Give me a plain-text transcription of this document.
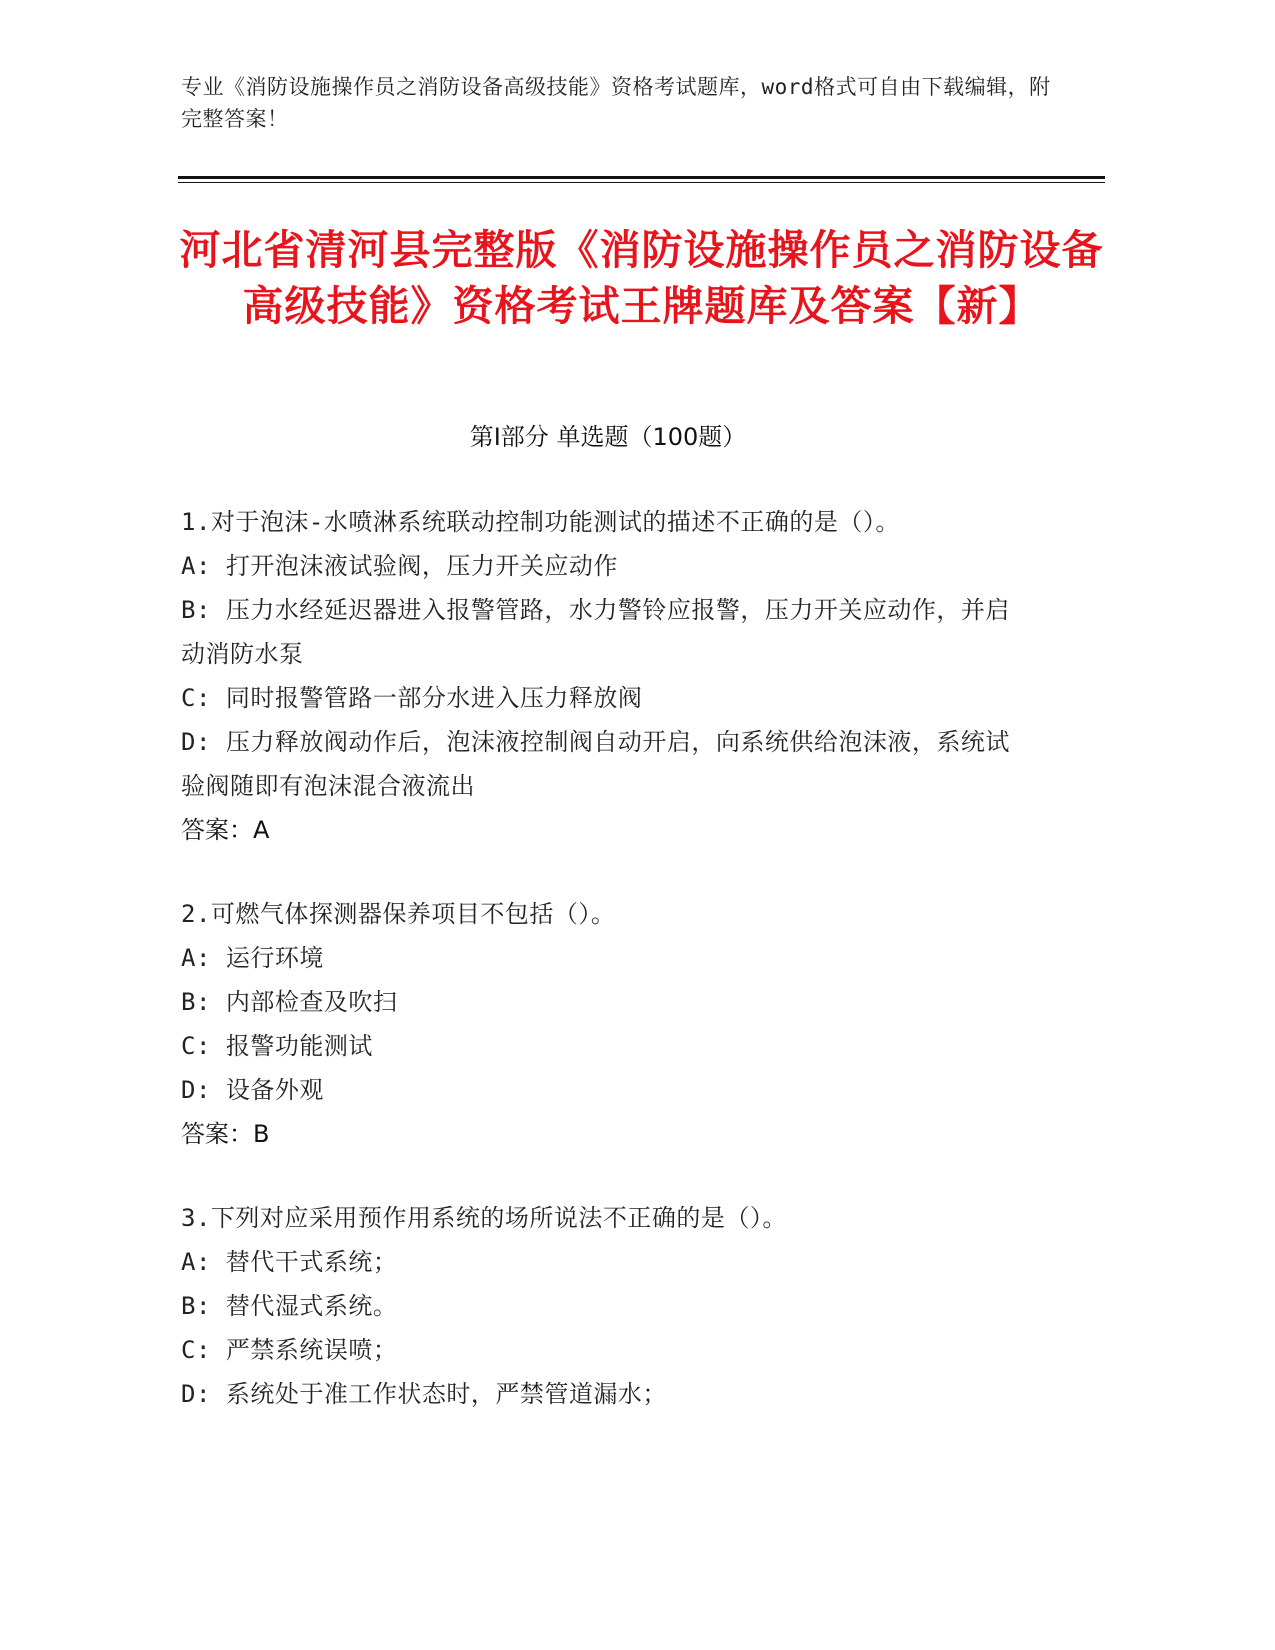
专业《消防设施操作员之消防设备高级技能》资格考试题库，word格式可自由下载编辑，附完整答案！
河北省清河县完整版《消防设施操作员之消防设备高级技能》资格考试王牌题库及答案【新】
第I部分 单选题（100题）
1.对于泡沫-水喷淋系统联动控制功能测试的描述不正确的是（）。
A: 打开泡沫液试验阀，压力开关应动作
B: 压力水经延迟器进入报警管路，水力警铃应报警，压力开关应动作，并启动消防水泵
C: 同时报警管路一部分水进入压力释放阀
D: 压力释放阀动作后，泡沫液控制阀自动开启，向系统供给泡沫液，系统试验阀随即有泡沫混合液流出
答案：A
2.可燃气体探测器保养项目不包括（）。
A: 运行环境
B: 内部检查及吹扫
C: 报警功能测试
D: 设备外观
答案：B
3.下列对应采用预作用系统的场所说法不正确的是（）。
A: 替代干式系统；
B: 替代湿式系统。
C: 严禁系统误喷；
D: 系统处于准工作状态时，严禁管道漏水；
